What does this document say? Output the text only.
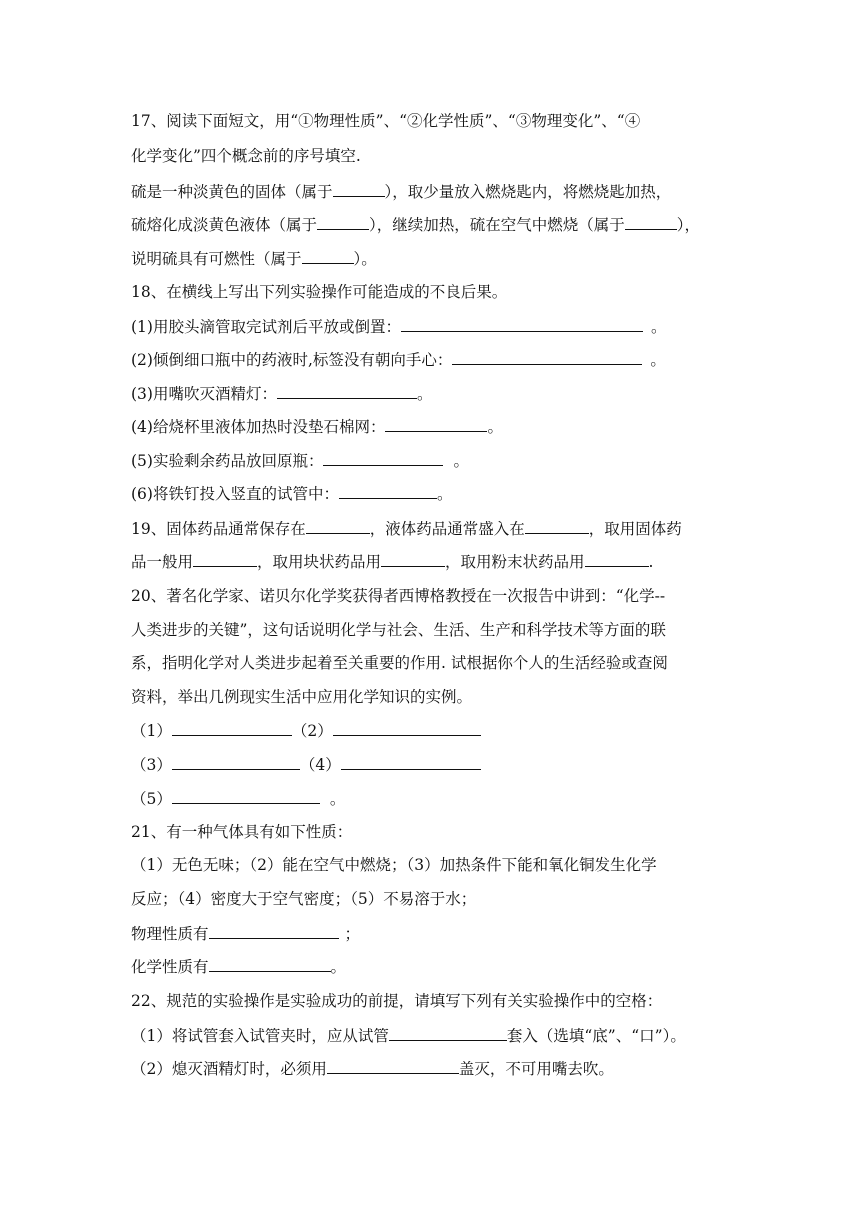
17、阅读下面短文，用“①物理性质”、“②化学性质”、“③物理变化”、“④
化学变化”四个概念前的序号填空.
硫是一种淡黄色的固体（属于	），取少量放入燃烧匙内，将燃烧匙加热，
硫熔化成淡黄色液体（属于	），继续加热，硫在空气中燃烧（属于	），
说明硫具有可燃性（属于	）。
18、在横线上写出下列实验操作可能造成的不良后果。
(1)用胶头滴管取完试剂后平放或倒置：	。
(2)倾倒细口瓶中的药液时,标签没有朝向手心：	。
(3)用嘴吹灭酒精灯：	。
(4)给烧杯里液体加热时没垫石棉网：	。
(5)实验剩余药品放回原瓶：	。
(6)将铁钉投入竖直的试管中：	。
19、固体药品通常保存在	，液体药品通常盛入在	，取用固体药
品一般用	，取用块状药品用	，取用粉末状药品用	.
20、著名化学家、诺贝尔化学奖获得者西博格教授在一次报告中讲到：“化学--
人类进步的关键”，这句话说明化学与社会、生活、生产和科学技术等方面的联
系，指明化学对人类进步起着至关重要的作用. 试根据你个人的生活经验或查阅
资料，举出几例现实生活中应用化学知识的实例。
（1）	（2）
（3）	（4）
（5）	。
21、有一种气体具有如下性质：
（1）无色无味；（2）能在空气中燃烧；（3）加热条件下能和氧化铜发生化学
反应；（4）密度大于空气密度；（5）不易溶于水；
物理性质有	；
化学性质有	。
22、规范的实验操作是实验成功的前提，请填写下列有关实验操作中的空格：
（1）将试管套入试管夹时，应从试管	套入（选填“底”、“口”）。
（2）熄灭酒精灯时，必须用	盖灭，不可用嘴去吹。
